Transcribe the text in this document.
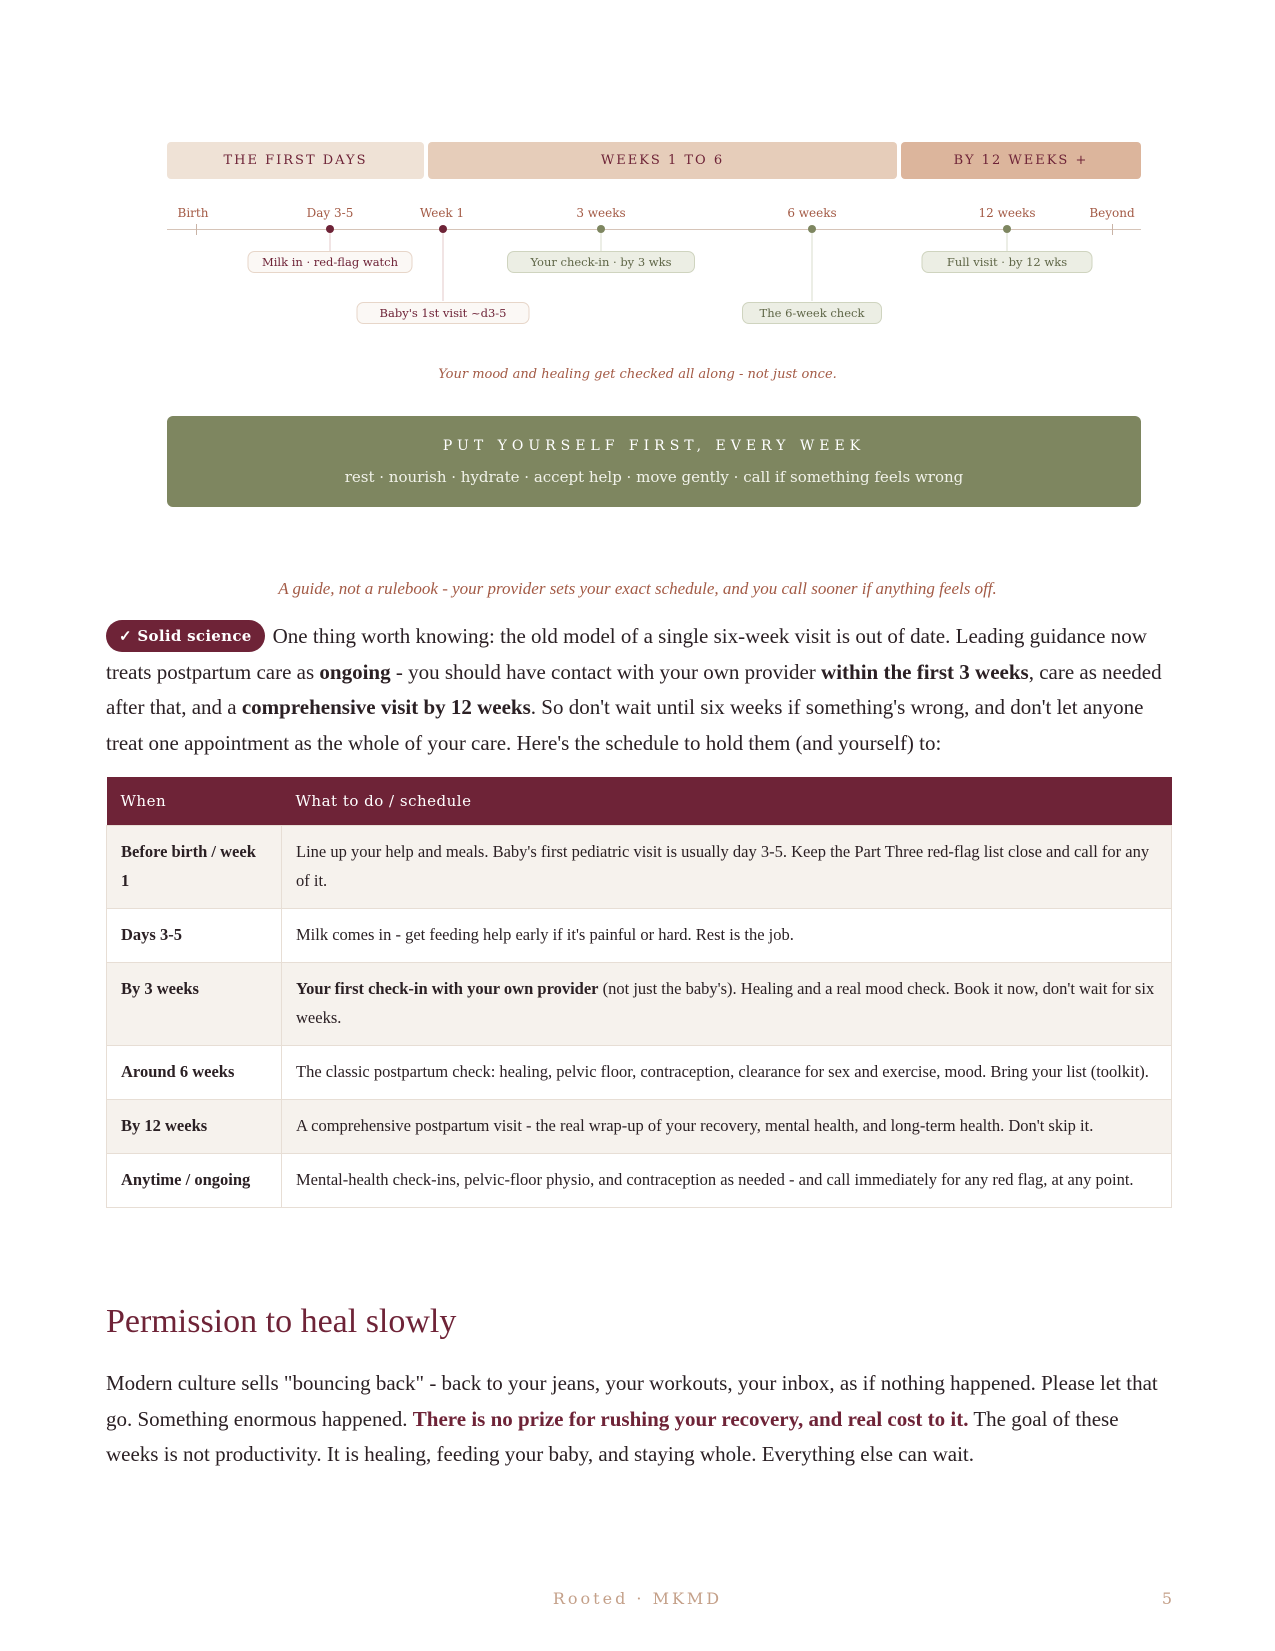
THE FIRST DAYS	WEEKS 1 TO 6	BY 12 WEEKS +
Birth	Day 3-5	Week 1	3 weeks	6 weeks	12 weeks	Beyond
Milk in · red-flag watch
Baby's 1st visit ~d3-5
Your check-in · by 3 wks
The 6-week check
Full visit · by 12 wks
Your mood and healing get checked all along - not just once.
PUT YOURSELF FIRST, EVERY WEEK
rest · nourish · hydrate · accept help · move gently · call if something feels wrong
A guide, not a rulebook - your provider sets your exact schedule, and you call sooner if anything feels off.

✓ Solid science One thing worth knowing: the old model of a single six-week visit is out of date. Leading guidance now treats postpartum care as ongoing - you should have contact with your own provider within the first 3 weeks, care as needed after that, and a comprehensive visit by 12 weeks. So don't wait until six weeks if something's wrong, and don't let anyone treat one appointment as the whole of your care. Here's the schedule to hold them (and yourself) to:

When	What to do / schedule
Before birth / week 1	Line up your help and meals. Baby's first pediatric visit is usually day 3-5. Keep the Part Three red-flag list close and call for any of it.
Days 3-5	Milk comes in - get feeding help early if it's painful or hard. Rest is the job.
By 3 weeks	Your first check-in with your own provider (not just the baby's). Healing and a real mood check. Book it now, don't wait for six weeks.
Around 6 weeks	The classic postpartum check: healing, pelvic floor, contraception, clearance for sex and exercise, mood. Bring your list (toolkit).
By 12 weeks	A comprehensive postpartum visit - the real wrap-up of your recovery, mental health, and long-term health. Don't skip it.
Anytime / ongoing	Mental-health check-ins, pelvic-floor physio, and contraception as needed - and call immediately for any red flag, at any point.
Permission to heal slowly

Modern culture sells "bouncing back" - back to your jeans, your workouts, your inbox, as if nothing happened. Please let that go. Something enormous happened. There is no prize for rushing your recovery, and real cost to it. The goal of these weeks is not productivity. It is healing, feeding your baby, and staying whole. Everything else can wait.

Rooted · MKMD	5
